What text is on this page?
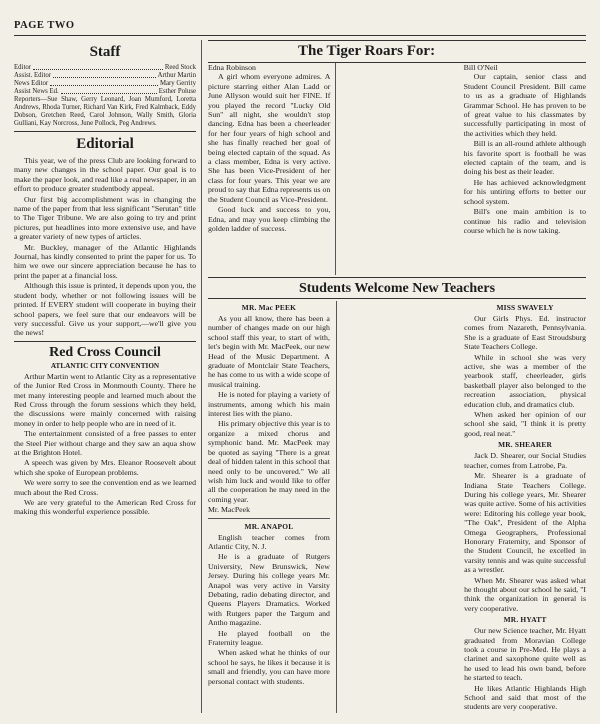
PAGE TWO
Staff
Editor	Reed Stock
Assist. Editor	Arthur Martin
News Editor	Mary Gerrity
Assist News Ed.	Esther Poluse
Reporters—Sue Shaw, Gerry Leonard, Joan Mumford, Loretta Andrews, Rhoda Turner, Richard Van Kirk, Fred Kalmback, Eddy Dobson, Gretchen Reed, Carol Johnson, Wally Smith, Gloria Gulliani, Kay Norcross, June Pollock, Peg Andrews.
Editorial

This year, we of the press Club are looking forward to many new changes in the school paper. Our goal is to make the paper look, and read like a real newspaper, in an effort to produce greater studentbody appeal.

Our first big accomplishment was in changing the name of the paper from that less significant "Serutan" title to The Tiger Tribune. We are also going to try and print pictures, put headlines into more extensive use, and have a greater variety of new types of articles.

Mr. Buckley, manager of the Atlantic Highlands Journal, has kindly consented to print the paper for us. To him we owe our sincere appreciation because he has to print the paper at a financial loss.

Although this issue is printed, it depends upon you, the student body, whether or not following issues will be printed. If EVERY student will cooperate in buying their school papers, we feel sure that our endeavors will be very successful. Give us your support,—we'll give you the news!

Red Cross Council
ATLANTIC CITY CONVENTION

Arthur Martin went to Atlantic City as a representative of the Junior Red Cross in Monmouth County. There he met many interesting people and learned much about the Red Cross through the forum sessions which they held, the discussions were mainly concerned with raising money in order to help people who are in need of it.

The entertainment consisted of a free passes to enter the Steel Pier without charge and they saw an aqua show at the Brighton Hotel.

A speech was given by Mrs. Eleanor Roosevelt about which she spoke of European problems.

We were sorry to see the convention end as we learned much about the Red Cross.

We are very grateful to the American Red Cross for making this wonderful experience possible.

The Tiger Roars For:
Edna Robinson

A girl whom everyone admires. A picture starring either Alan Ladd or June Allyson would suit her FINE. If you played the record "Lucky Old Sun" all night, she wouldn't stop dancing. Edna has been a cheerleader for her four years of high school and she has finally reached her goal of being elected captain of the squad. As a class member, Edna is very active. She has been Vice-President of her class for four years. This year we are proud to say that Edna represents us on the Student Council as Vice-President.

Good luck and success to you, Edna, and may you keep climbing the golden ladder of success.

Bill O'Neil

Our captain, senior class and Student Council President. Bill came to us as a graduate of Highlands Grammar School. He has proven to be of great value to his classmates by successfully participating in most of the activities which they held.

Bill is an all-round athlete although his favorite sport is football he was elected captain of the team, and is doing his best as their leader.

He has achieved acknowledgment for his untiring efforts to better our school system.

Bill's one main ambition is to continue his radio and television course which he is now taking.

Students Welcome New Teachers
MR. Mac PEEK

As you all know, there has been a number of changes made on our high school staff this year, to start of with, let's begin with Mr. MacPeek, our new Head of the Music Department. A graduate of Montclair State Teachers, he has come to us with a wide scope of musical training.

He is noted for playing a variety of instruments, among which his main interest lies with the piano.

His primary objective this year is to organize a mixed chorus and symphonic band. Mr. MacPeek may be quoted as saying "There is a great deal of hidden talent in this school that need only to be uncovered." We all wish him luck and would like to offer all the cooperation he may need in the coming year.

Mr. MacPeek
MR. ANAPOL

English teacher comes from Atlantic City, N. J.

He is a graduate of Rutgers University, New Brunswick, New Jersey. During his college years Mr. Anapol was very active in Varsity Debating, radio debating director, and Queens Players Dramatics. Worked with Rutgers paper the Targum and Antho magazine.

He played football on the Fraternity league.

When asked what he thinks of our school he says, he likes it because it is small and friendly, you can have more personal contact with students.

MISS SWAVELY

Our Girls Phys. Ed. instructor comes from Nazareth, Pennsylvania. She is a graduate of East Stroudsburg State Teachers College.

While in school she was very active, she was a member of the yearbook staff, cheerleader, girls basketball player also belonged to the recreation association, physical education club, and dramatics club.

When asked her opinion of our school she said, "I think it is pretty good, real neat."

MR. SHEARER

Jack D. Shearer, our Social Studies teacher, comes from Latrobe, Pa.

Mr. Shearer is a graduate of Indiana State Teachers College. During his college years, Mr. Shearer was quite active. Some of his activities were: Editoring his college year book, "The Oak", President of the Alpha Omega Geographers, Professional Honorary Fraternity, and Sponsor of the Student Council, he excelled in varsity tennis and was quite successful as a wrestler.

When Mr. Shearer was asked what he thought about our school he said, "I think the organization in general is very cooperative.

MR. HYATT

Our new Science teacher, Mr. Hyatt graduated from Moravian College took a course in Pre-Med. He plays a clarinet and saxophone quite well as he used to lead his own band, before he started to teach.

He likes Atlantic Highlands High School and said that most of the students are very cooperative.
